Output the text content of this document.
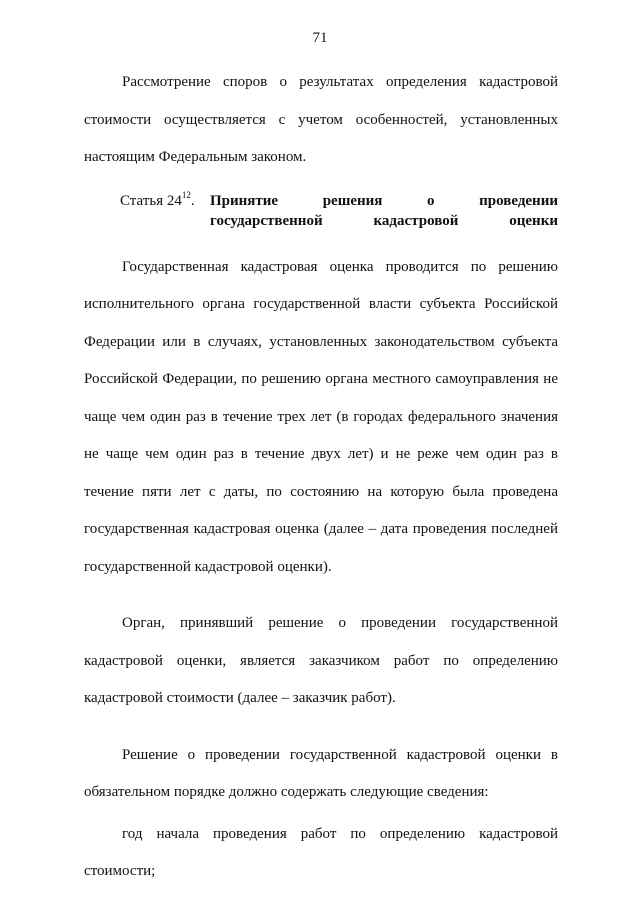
71

Рассмотрение споров о результатах определения кадастровой стоимости осуществляется с учетом особенностей, установленных настоящим Федеральным законом.

Статья $24^{12}$.	Принятие решения о проведении
государственной кадастровой оценки

Государственная кадастровая оценка проводится по решению исполнительного органа государственной власти субъекта Российской Федерации или в случаях, установленных законодательством субъекта Российской Федерации, по решению органа местного самоуправления не чаще чем один раз в течение трех лет (в городах федерального значения не чаще чем один раз в течение двух лет) и не реже чем один раз в течение пяти лет с даты, по состоянию на которую была проведена государственная кадастровая оценка (далее – дата проведения последней государственной кадастровой оценки).

Орган, принявший решение о проведении государственной кадастровой оценки, является заказчиком работ по определению кадастровой стоимости (далее – заказчик работ).

Решение о проведении государственной кадастровой оценки в обязательном порядке должно содержать следующие сведения:

год начала проведения работ по определению кадастровой стоимости;
